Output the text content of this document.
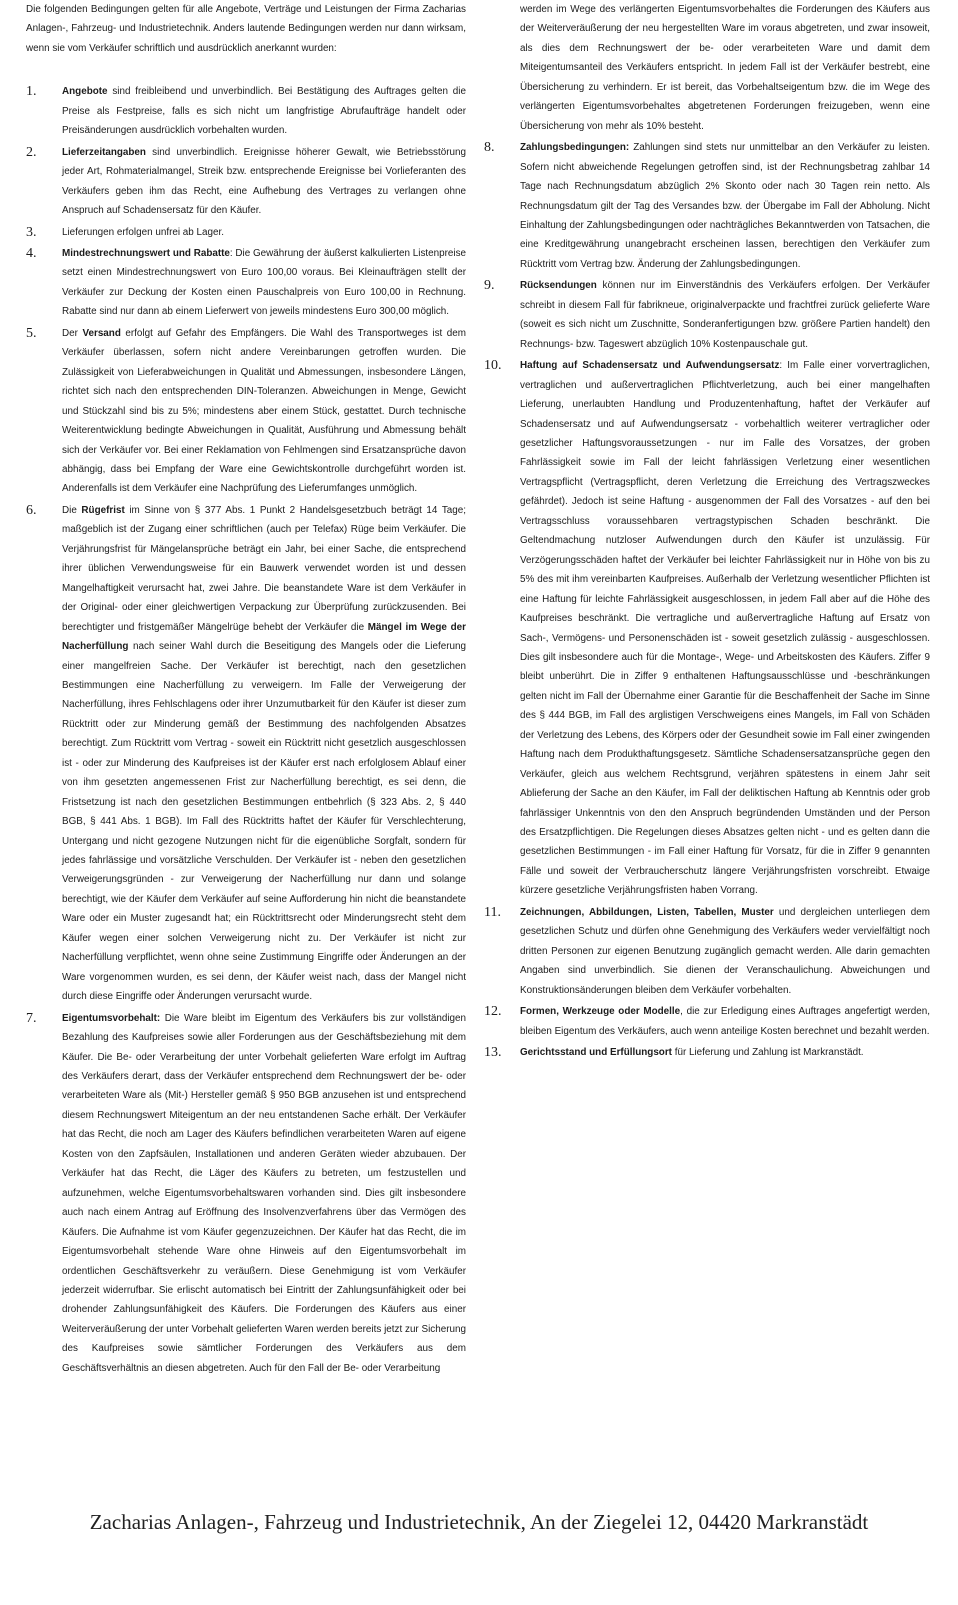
Die folgenden Bedingungen gelten für alle Angebote, Verträge und Leistungen der Firma Zacharias Anlagen-, Fahrzeug- und Industrietechnik. Anders lautende Bedingungen werden nur dann wirksam, wenn sie vom Verkäufer schriftlich und ausdrücklich anerkannt wurden:

1.	Angebote sind freibleibend und unverbindlich. Bei Bestätigung des Auftrages gelten die Preise als Festpreise, falls es sich nicht um langfristige Abrufaufträge handelt oder Preisänderungen ausdrücklich vorbehalten wurden.
2.	Lieferzeitangaben sind unverbindlich. Ereignisse höherer Gewalt, wie Betriebsstörung jeder Art, Rohmaterialmangel, Streik bzw. entsprechende Ereignisse bei Vorlieferanten des Verkäufers geben ihm das Recht, eine Aufhebung des Vertrages zu verlangen ohne Anspruch auf Schadensersatz für den Käufer.
3.	Lieferungen erfolgen unfrei ab Lager.
4.	Mindestrechnungswert und Rabatte: Die Gewährung der äußerst kalkulierten Listenpreise setzt einen Mindestrechnungswert von Euro 100,00 voraus. Bei Kleinaufträgen stellt der Verkäufer zur Deckung der Kosten einen Pauschalpreis von Euro 100,00 in Rechnung. Rabatte sind nur dann ab einem Lieferwert von jeweils mindestens Euro 300,00 möglich.
5.	Der Versand erfolgt auf Gefahr des Empfängers. Die Wahl des Transportweges ist dem Verkäufer überlassen, sofern nicht andere Vereinbarungen getroffen wurden. Die Zulässigkeit von Lieferabweichungen in Qualität und Abmessungen, insbesondere Längen, richtet sich nach den entsprechenden DIN-Toleranzen. Abweichungen in Menge, Gewicht und Stückzahl sind bis zu 5%; mindestens aber einem Stück, gestattet. Durch technische Weiterentwicklung bedingte Abweichungen in Qualität, Ausführung und Abmessung behält sich der Verkäufer vor. Bei einer Reklamation von Fehlmengen sind Ersatzansprüche davon abhängig, dass bei Empfang der Ware eine Gewichtskontrolle durchgeführt worden ist. Anderenfalls ist dem Verkäufer eine Nachprüfung des Lieferumfanges unmöglich.
6.	Die Rügefrist im Sinne von § 377 Abs. 1 Punkt 2 Handelsgesetzbuch beträgt 14 Tage; maßgeblich ist der Zugang einer schriftlichen (auch per Telefax) Rüge beim Verkäufer. Die Verjährungsfrist für Mängelansprüche beträgt ein Jahr, bei einer Sache, die entsprechend ihrer üblichen Verwendungsweise für ein Bauwerk verwendet worden ist und dessen Mangelhaftigkeit verursacht hat, zwei Jahre. Die beanstandete Ware ist dem Verkäufer in der Original- oder einer gleichwertigen Verpackung zur Überprüfung zurückzusenden. Bei berechtigter und fristgemäßer Mängelrüge behebt der Verkäufer die Mängel im Wege der Nacherfüllung nach seiner Wahl durch die Beseitigung des Mangels oder die Lieferung einer mangelfreien Sache. Der Verkäufer ist berechtigt, nach den gesetzlichen Bestimmungen eine Nacherfüllung zu verweigern. Im Falle der Verweigerung der Nacherfüllung, ihres Fehlschlagens oder ihrer Unzumutbarkeit für den Käufer ist dieser zum Rücktritt oder zur Minderung gemäß der Bestimmung des nachfolgenden Absatzes berechtigt. Zum Rücktritt vom Vertrag - soweit ein Rücktritt nicht gesetzlich ausgeschlossen ist - oder zur Minderung des Kaufpreises ist der Käufer erst nach erfolglosem Ablauf einer von ihm gesetzten angemessenen Frist zur Nacherfüllung berechtigt, es sei denn, die Fristsetzung ist nach den gesetzlichen Bestimmungen entbehrlich (§ 323 Abs. 2, § 440 BGB, § 441 Abs. 1 BGB). Im Fall des Rücktritts haftet der Käufer für Verschlechterung, Untergang und nicht gezogene Nutzungen nicht für die eigenübliche Sorgfalt, sondern für jedes fahrlässige und vorsätzliche Verschulden. Der Verkäufer ist - neben den gesetzlichen Verweigerungsgründen - zur Verweigerung der Nacherfüllung nur dann und solange berechtigt, wie der Käufer dem Verkäufer auf seine Aufforderung hin nicht die beanstandete Ware oder ein Muster zugesandt hat; ein Rücktrittsrecht oder Minderungsrecht steht dem Käufer wegen einer solchen Verweigerung nicht zu. Der Verkäufer ist nicht zur Nacherfüllung verpflichtet, wenn ohne seine Zustimmung Eingriffe oder Änderungen an der Ware vorgenommen wurden, es sei denn, der Käufer weist nach, dass der Mangel nicht durch diese Eingriffe oder Änderungen verursacht wurde.
7.	Eigentumsvorbehalt: Die Ware bleibt im Eigentum des Verkäufers bis zur vollständigen Bezahlung des Kaufpreises sowie aller Forderungen aus der Geschäftsbeziehung mit dem Käufer. Die Be- oder Verarbeitung der unter Vorbehalt gelieferten Ware erfolgt im Auftrag des Verkäufers derart, dass der Verkäufer entsprechend dem Rechnungswert der be- oder verarbeiteten Ware als (Mit-) Hersteller gemäß § 950 BGB anzusehen ist und entsprechend diesem Rechnungswert Miteigentum an der neu entstandenen Sache erhält. Der Verkäufer hat das Recht, die noch am Lager des Käufers befindlichen verarbeiteten Waren auf eigene Kosten von den Zapfsäulen, Installationen und anderen Geräten wieder abzubauen. Der Verkäufer hat das Recht, die Läger des Käufers zu betreten, um festzustellen und aufzunehmen, welche Eigentumsvorbehaltswaren vorhanden sind. Dies gilt insbesondere auch nach einem Antrag auf Eröffnung des Insolvenzverfahrens über das Vermögen des Käufers. Die Aufnahme ist vom Käufer gegenzuzeichnen. Der Käufer hat das Recht, die im Eigentumsvorbehalt stehende Ware ohne Hinweis auf den Eigentumsvorbehalt im ordentlichen Geschäftsverkehr zu veräußern. Diese Genehmigung ist vom Verkäufer jederzeit widerrufbar. Sie erlischt automatisch bei Eintritt der Zahlungsunfähigkeit oder bei drohender Zahlungsunfähigkeit des Käufers. Die Forderungen des Käufers aus einer Weiterveräußerung der unter Vorbehalt gelieferten Waren werden bereits jetzt zur Sicherung des Kaufpreises sowie sämtlicher Forderungen des Verkäufers aus dem Geschäftsverhältnis an diesen abgetreten. Auch für den Fall der Be- oder Verarbeitung
werden im Wege des verlängerten Eigentumsvorbehaltes die Forderungen des Käufers aus der Weiterveräußerung der neu hergestellten Ware im voraus abgetreten, und zwar insoweit, als dies dem Rechnungswert der be- oder verarbeiteten Ware und damit dem Miteigentumsanteil des Verkäufers entspricht. In jedem Fall ist der Verkäufer bestrebt, eine Übersicherung zu verhindern. Er ist bereit, das Vorbehaltseigentum bzw. die im Wege des verlängerten Eigentumsvorbehaltes abgetretenen Forderungen freizugeben, wenn eine Übersicherung von mehr als 10% besteht.
8.	Zahlungsbedingungen: Zahlungen sind stets nur unmittelbar an den Verkäufer zu leisten. Sofern nicht abweichende Regelungen getroffen sind, ist der Rechnungsbetrag zahlbar 14 Tage nach Rechnungsdatum abzüglich 2% Skonto oder nach 30 Tagen rein netto. Als Rechnungsdatum gilt der Tag des Versandes bzw. der Übergabe im Fall der Abholung. Nicht Einhaltung der Zahlungsbedingungen oder nachträgliches Bekanntwerden von Tatsachen, die eine Kreditgewährung unangebracht erscheinen lassen, berechtigen den Verkäufer zum Rücktritt vom Vertrag bzw. Änderung der Zahlungsbedingungen.
9.	Rücksendungen können nur im Einverständnis des Verkäufers erfolgen. Der Verkäufer schreibt in diesem Fall für fabrikneue, originalverpackte und frachtfrei zurück gelieferte Ware (soweit es sich nicht um Zuschnitte, Sonderanfertigungen bzw. größere Partien handelt) den Rechnungs- bzw. Tageswert abzüglich 10% Kostenpauschale gut.
10. Haftung auf Schadensersatz und Aufwendungsersatz: Im Falle einer vorvertraglichen, vertraglichen und außervertraglichen Pflichtverletzung, auch bei einer mangelhaften Lieferung, unerlaubten Handlung und Produzentenhaftung, haftet der Verkäufer auf Schadensersatz und auf Aufwendungsersatz - vorbehaltlich weiterer vertraglicher oder gesetzlicher Haftungsvoraussetzungen - nur im Falle des Vorsatzes, der groben Fahrlässigkeit sowie im Fall der leicht fahrlässigen Verletzung einer wesentlichen Vertragspflicht (Vertragspflicht, deren Verletzung die Erreichung des Vertragszweckes gefährdet). Jedoch ist seine Haftung - ausgenommen der Fall des Vorsatzes - auf den bei Vertragsschluss voraussehbaren vertragstypischen Schaden beschränkt. Die Geltendmachung nutzloser Aufwendungen durch den Käufer ist unzulässig. Für Verzögerungsschäden haftet der Verkäufer bei leichter Fahrlässigkeit nur in Höhe von bis zu 5% des mit ihm vereinbarten Kaufpreises. Außerhalb der Verletzung wesentlicher Pflichten ist eine Haftung für leichte Fahrlässigkeit ausgeschlossen, in jedem Fall aber auf die Höhe des Kaufpreises beschränkt. Die vertragliche und außervertragliche Haftung auf Ersatz von Sach-, Vermögens- und Personenschäden ist - soweit gesetzlich zulässig - ausgeschlossen. Dies gilt insbesondere auch für die Montage-, Wege- und Arbeitskosten des Käufers. Ziffer 9 bleibt unberührt. Die in Ziffer 9 enthaltenen Haftungsausschlüsse und -beschränkungen gelten nicht im Fall der Übernahme einer Garantie für die Beschaffenheit der Sache im Sinne des § 444 BGB, im Fall des arglistigen Verschweigens eines Mangels, im Fall von Schäden der Verletzung des Lebens, des Körpers oder der Gesundheit sowie im Fall einer zwingenden Haftung nach dem Produkthaftungsgesetz. Sämtliche Schadensersatzansprüche gegen den Verkäufer, gleich aus welchem Rechtsgrund, verjähren spätestens in einem Jahr seit Ablieferung der Sache an den Käufer, im Fall der deliktischen Haftung ab Kenntnis oder grob fahrlässiger Unkenntnis von den den Anspruch begründenden Umständen und der Person des Ersatzpflichtigen. Die Regelungen dieses Absatzes gelten nicht - und es gelten dann die gesetzlichen Bestimmungen - im Fall einer Haftung für Vorsatz, für die in Ziffer 9 genannten Fälle und soweit der Verbraucherschutz längere Verjährungsfristen vorschreibt. Etwaige kürzere gesetzliche Verjährungsfristen haben Vorrang.
11. Zeichnungen, Abbildungen, Listen, Tabellen, Muster und dergleichen unterliegen dem gesetzlichen Schutz und dürfen ohne Genehmigung des Verkäufers weder vervielfältigt noch dritten Personen zur eigenen Benutzung zugänglich gemacht werden. Alle darin gemachten Angaben sind unverbindlich. Sie dienen der Veranschaulichung. Abweichungen und Konstruktionsänderungen bleiben dem Verkäufer vorbehalten.
12. Formen, Werkzeuge oder Modelle, die zur Erledigung eines Auftrages angefertigt werden, bleiben Eigentum des Verkäufers, auch wenn anteilige Kosten berechnet und bezahlt werden.
13. Gerichtsstand und Erfüllungsort für Lieferung und Zahlung ist Markranstädt.
Zacharias Anlagen-, Fahrzeug und Industrietechnik, An der Ziegelei 12, 04420 Markranstädt
